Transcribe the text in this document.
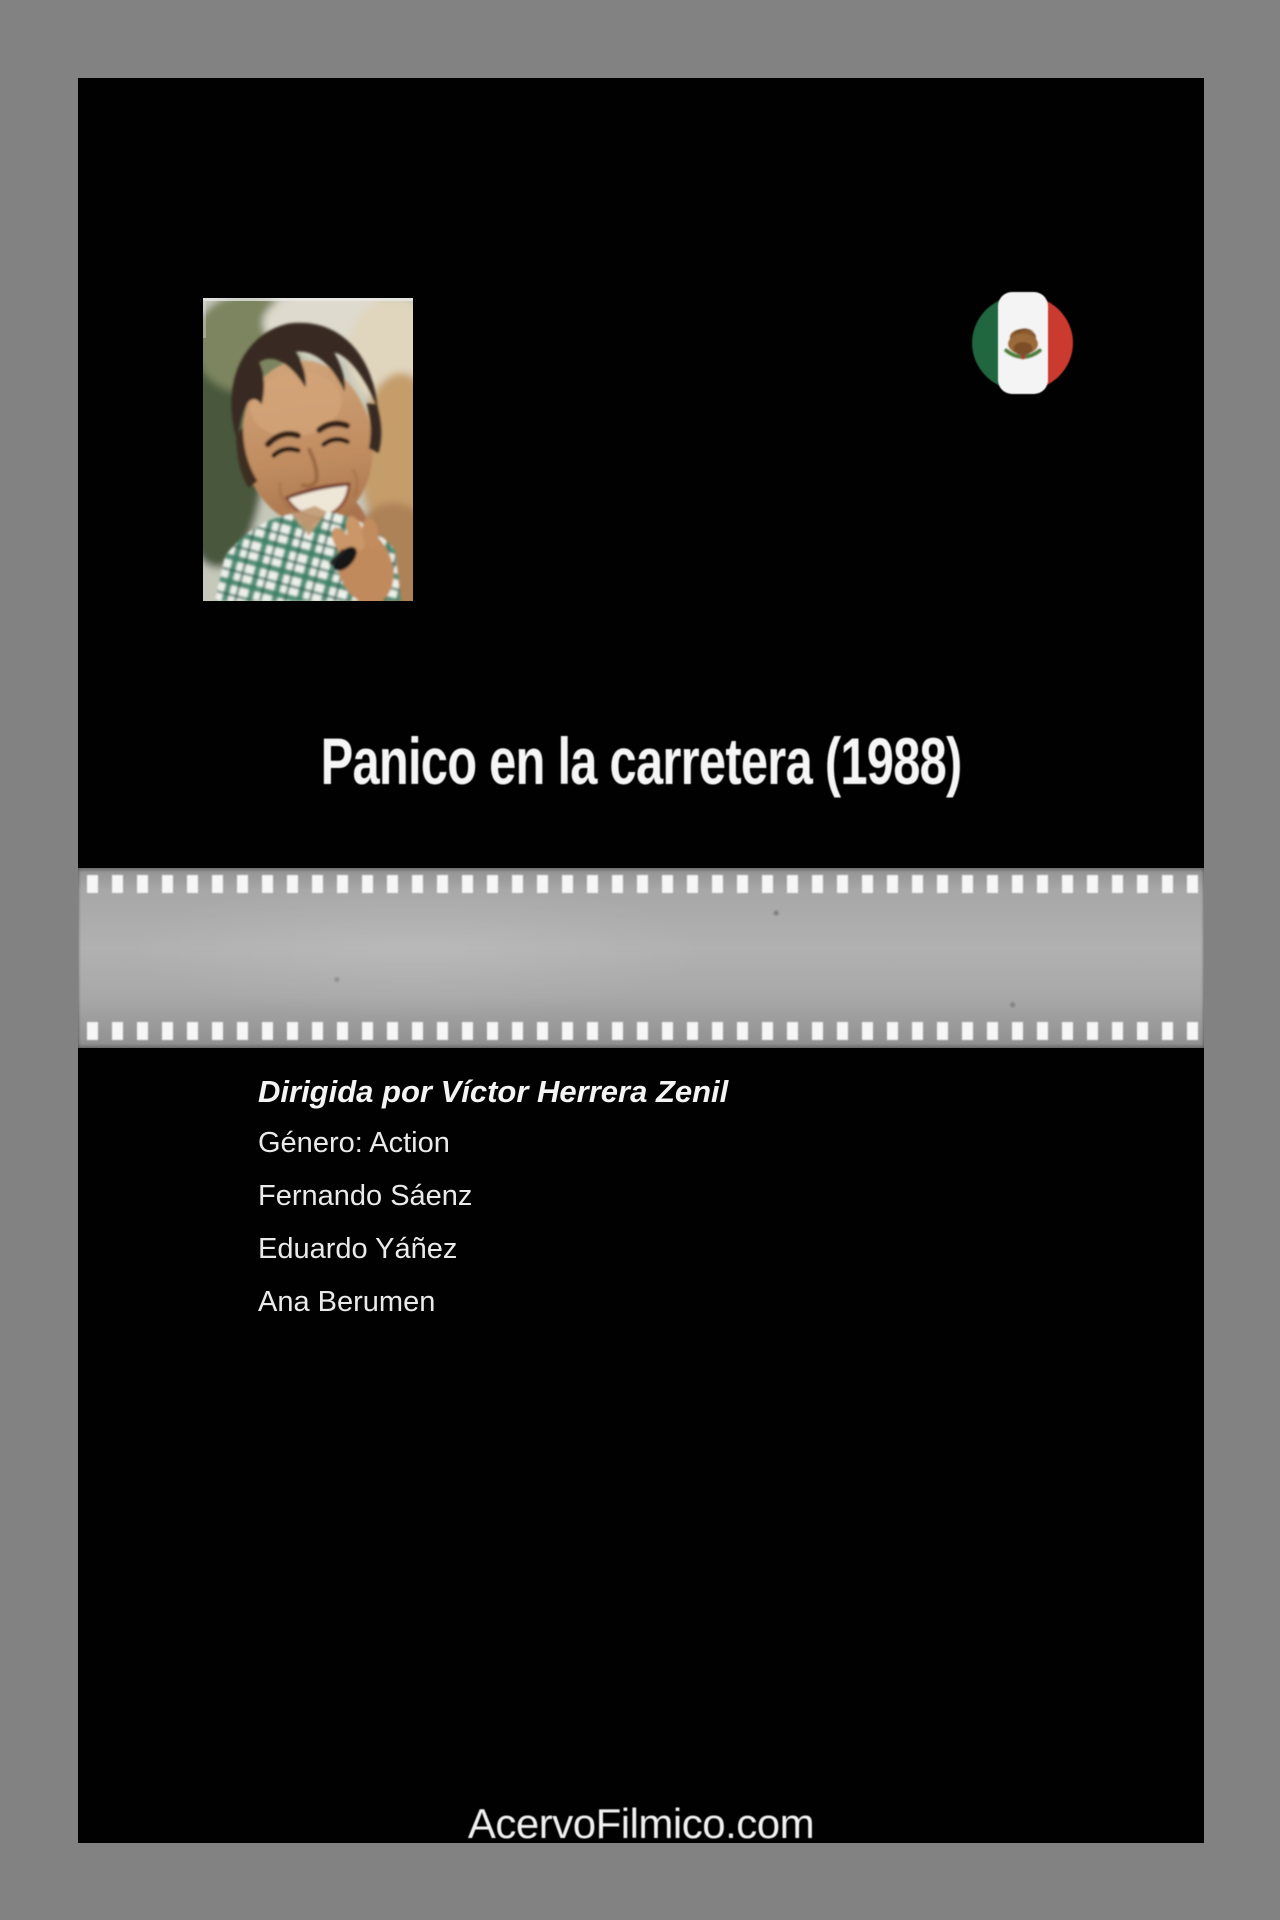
Panico en la carretera (1988)
Dirigida por Víctor Herrera Zenil
Género: Action
Fernando Sáenz
Eduardo Yáñez
Ana Berumen
AcervoFilmico.com
